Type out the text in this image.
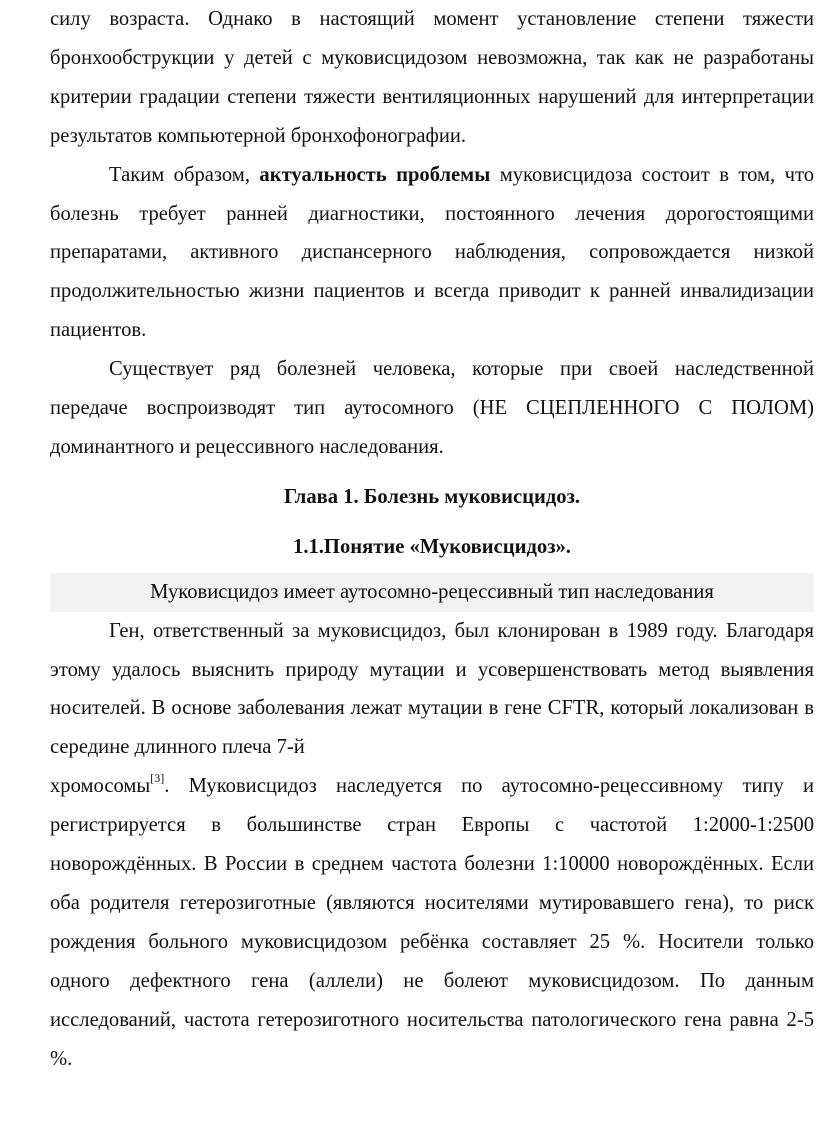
силу возраста. Однако в настоящий момент установление степени тяжести бронхообструкции у детей с муковисцидозом невозможна, так как не разработаны критерии градации степени тяжести вентиляционных нарушений для интерпретации результатов компьютерной бронхофонографии.

Таким образом, актуальность проблемы муковисцидоза состоит в том, что болезнь требует ранней диагностики, постоянного лечения дорогостоящими препаратами, активного диспансерного наблюдения, сопровождается низкой продолжительностью жизни пациентов и всегда приводит к ранней инвалидизации пациентов.

Существует ряд болезней человека, которые при своей наследственной передаче воспроизводят тип аутосомного (НЕ СЦЕПЛЕННОГО С ПОЛОМ) доминантного и рецессивного наследования.

Глава 1. Болезнь муковисцидоз.

1.1.Понятие «Муковисцидоз».

Муковисцидоз имеет аутосомно-рецессивный тип наследования

Ген, ответственный за муковисцидоз, был клонирован в 1989 году. Благодаря этому удалось выяснить природу мутации и усовершенствовать метод выявления носителей. В основе заболевания лежат мутации в гене CFTR, который локализован в середине длинного плеча 7-й

хромосомы[3]. Муковисцидоз наследуется по аутосомно-рецессивному типу и регистрируется в большинстве стран Европы с частотой 1:2000-1:2500 новорождённых. В России в среднем частота болезни 1:10000 новорождённых. Если оба родителя гетерозиготные (являются носителями мутировавшего гена), то риск рождения больного муковисцидозом ребёнка составляет 25 %. Носители только одного дефектного гена (аллели) не болеют муковисцидозом. По данным исследований, частота гетерозиготного носительства патологического гена равна 2-5 %.
